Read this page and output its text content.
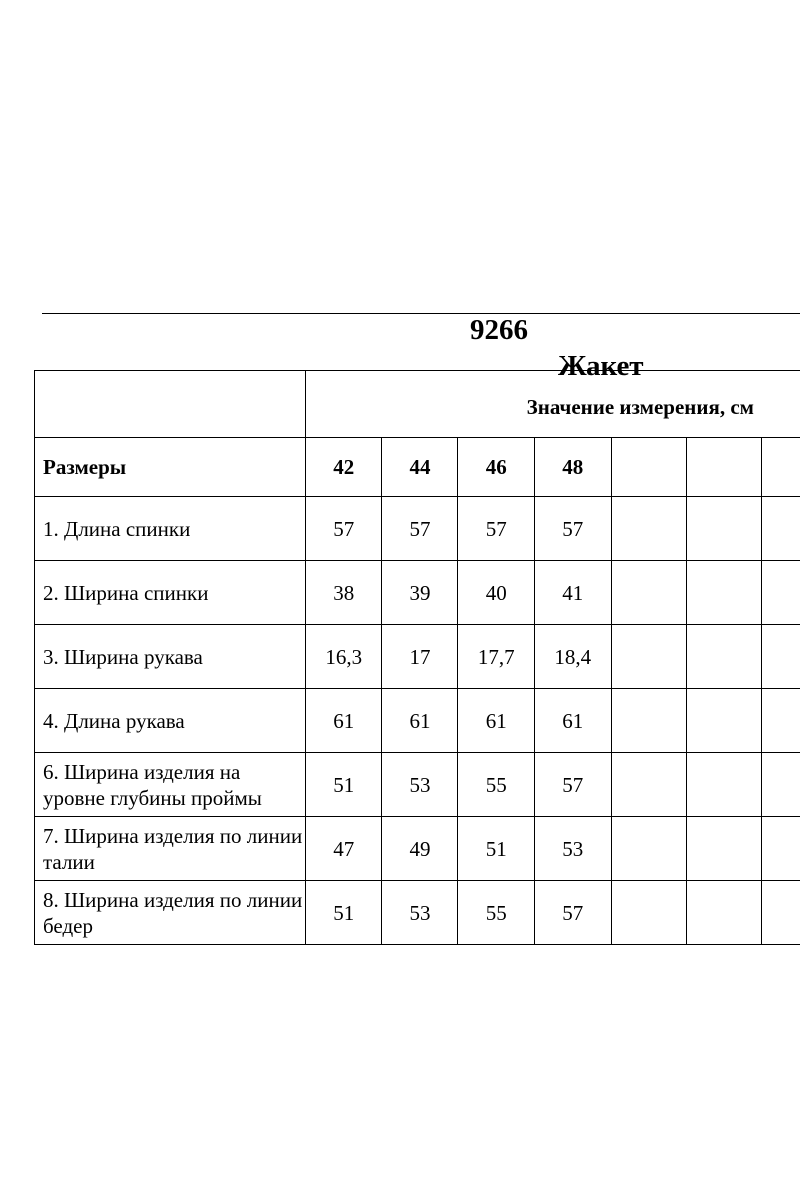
9266

Жакет

	Значение измерения, см						
Размеры	42	44	46	48			
1. Длина спинки	57	57	57	57			
2. Ширина спинки	38	39	40	41			
3. Ширина рукава	16,3	17	17,7	18,4			
4. Длина рукава	61	61	61	61			
6. Ширина изделия на уровне глубины проймы	51	53	55	57			
7. Ширина изделия по линии талии	47	49	51	53			
8. Ширина изделия по линии бедер	51	53	55	57			
